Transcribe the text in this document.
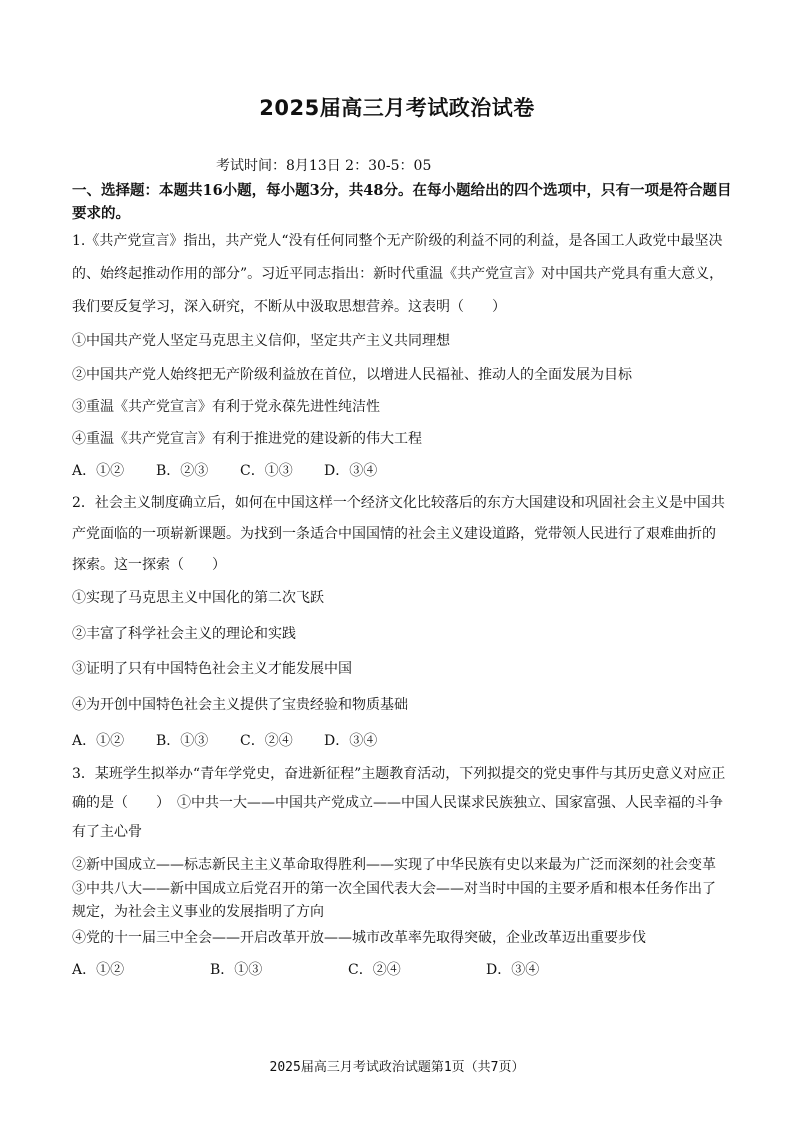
2025届高三月考试政治试卷
考试时间：8月13日 2：30-5：05
一、选择题：本题共16小题，每小题3分，共48分。在每小题给出的四个选项中，只有一项是符合题目
要求的。
1.《共产党宣言》指出，共产党人“没有任何同整个无产阶级的利益不同的利益，是各国工人政党中最坚决
的、始终起推动作用的部分”。习近平同志指出：新时代重温《共产党宣言》对中国共产党具有重大意义，
我们要反复学习，深入研究，不断从中汲取思想营养。这表明（　　）
①中国共产党人坚定马克思主义信仰，坚定共产主义共同理想
②中国共产党人始终把无产阶级利益放在首位，以增进人民福祉、推动人的全面发展为目标
③重温《共产党宣言》有利于党永葆先进性纯洁性
④重温《共产党宣言》有利于推进党的建设新的伟大工程
A．①② B．②③ C．①③ D．③④
2．社会主义制度确立后，如何在中国这样一个经济文化比较落后的东方大国建设和巩固社会主义是中国共
产党面临的一项崭新课题。为找到一条适合中国国情的社会主义建设道路，党带领人民进行了艰难曲折的
探索。这一探索（　　）
①实现了马克思主义中国化的第二次飞跃
②丰富了科学社会主义的理论和实践
③证明了只有中国特色社会主义才能发展中国
④为开创中国特色社会主义提供了宝贵经验和物质基础
A．①② B．①③ C．②④ D．③④
3．某班学生拟举办“青年学党史，奋进新征程”主题教育活动，下列拟提交的党史事件与其历史意义对应正
确的是（　　）　①中共一大——中国共产党成立——中国人民谋求民族独立、国家富强、人民幸福的斗争
有了主心骨
②新中国成立——标志新民主主义革命取得胜利——实现了中华民族有史以来最为广泛而深刻的社会变革
③中共八大——新中国成立后党召开的第一次全国代表大会——对当时中国的主要矛盾和根本任务作出了
规定，为社会主义事业的发展指明了方向
④党的十一届三中全会——开启改革开放——城市改革率先取得突破，企业改革迈出重要步伐
A．①②	B．①③	C．②④	D．③④
2025届高三月考试政治试题第1页（共7页）
